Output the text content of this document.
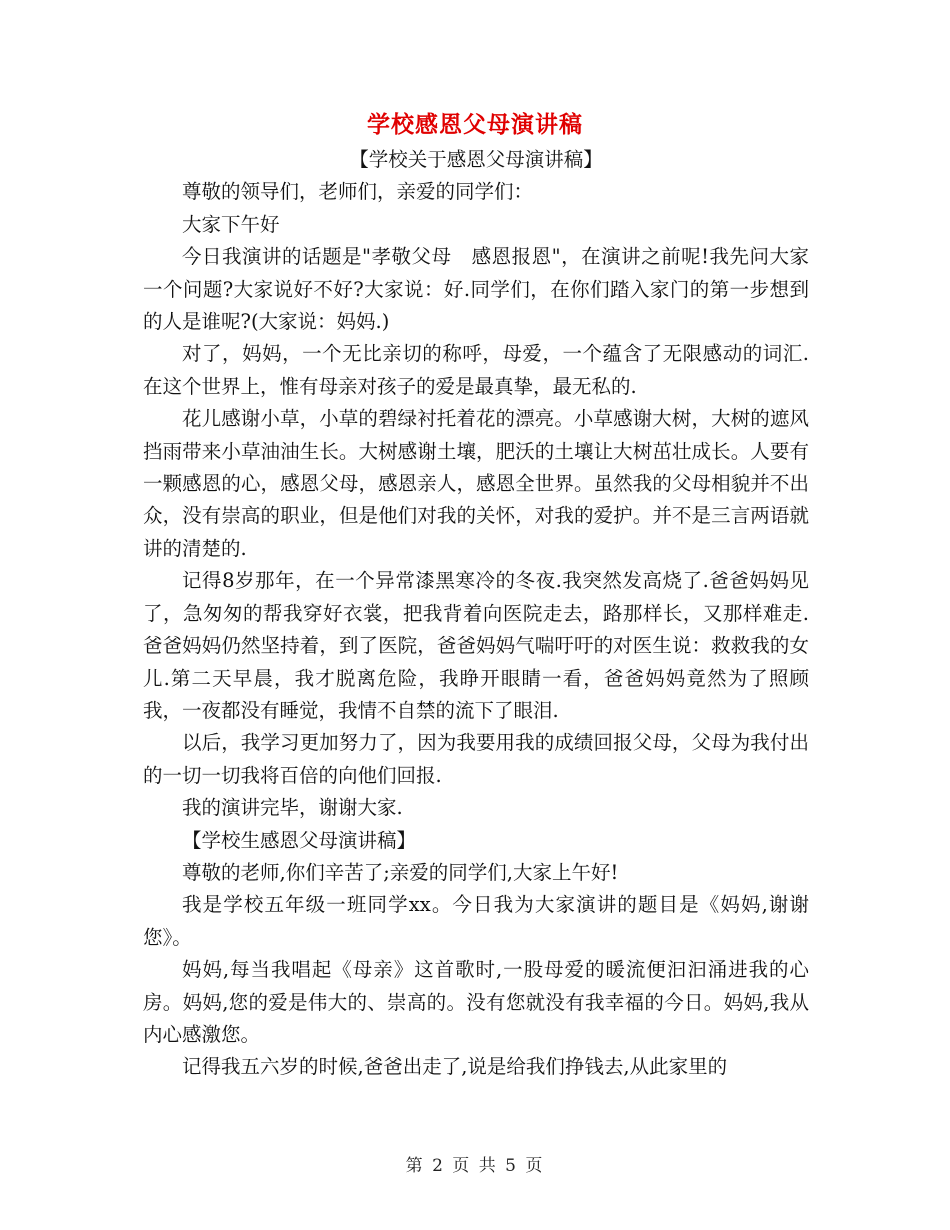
学校感恩父母演讲稿

【学校关于感恩父母演讲稿】

尊敬的领导们，老师们，亲爱的同学们：

大家下午好

今日我演讲的话题是"孝敬父母　感恩报恩"，在演讲之前呢!我先问大家一个问题?大家说好不好?大家说：好.同学们，在你们踏入家门的第一步想到的人是谁呢?(大家说：妈妈.)

对了，妈妈，一个无比亲切的称呼，母爱，一个蕴含了无限感动的词汇.在这个世界上，惟有母亲对孩子的爱是最真挚，最无私的.

花儿感谢小草，小草的碧绿衬托着花的漂亮。小草感谢大树，大树的遮风挡雨带来小草油油生长。大树感谢土壤，肥沃的土壤让大树茁壮成长。人要有一颗感恩的心，感恩父母，感恩亲人，感恩全世界。虽然我的父母相貌并不出众，没有崇高的职业，但是他们对我的关怀，对我的爱护。并不是三言两语就讲的清楚的.

记得8岁那年，在一个异常漆黑寒冷的冬夜.我突然发高烧了.爸爸妈妈见了，急匆匆的帮我穿好衣裳，把我背着向医院走去，路那样长，又那样难走.爸爸妈妈仍然坚持着，到了医院，爸爸妈妈气喘吁吁的对医生说：救救我的女儿.第二天早晨，我才脱离危险，我睁开眼睛一看，爸爸妈妈竟然为了照顾我，一夜都没有睡觉，我情不自禁的流下了眼泪.

以后，我学习更加努力了，因为我要用我的成绩回报父母，父母为我付出的一切一切我将百倍的向他们回报.

我的演讲完毕，谢谢大家.

【学校生感恩父母演讲稿】

尊敬的老师,你们辛苦了;亲爱的同学们,大家上午好!

我是学校五年级一班同学xx。今日我为大家演讲的题目是《妈妈,谢谢您》。

妈妈,每当我唱起《母亲》这首歌时,一股母爱的暖流便汩汩涌进我的心房。妈妈,您的爱是伟大的、崇高的。没有您就没有我幸福的今日。妈妈,我从内心感激您。

记得我五六岁的时候,爸爸出走了,说是给我们挣钱去,从此家里的

第 2 页 共 5 页
